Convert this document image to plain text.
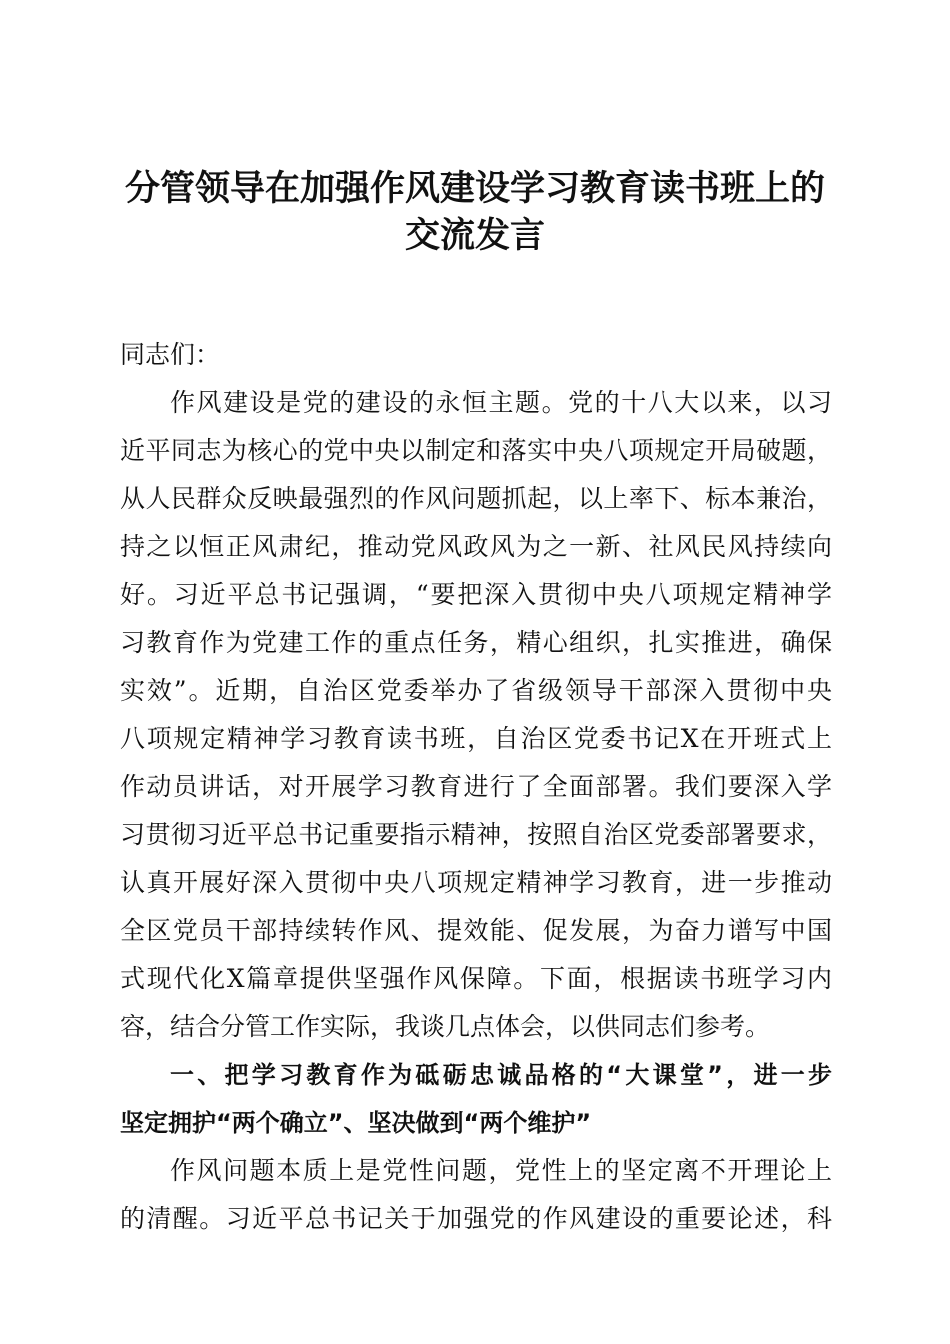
分管领导在加强作风建设学习教育读书班上的
交流发言
同志们：
作风建设是党的建设的永恒主题。党的十八大以来，以习
近平同志为核心的党中央以制定和落实中央八项规定开局破题，
从人民群众反映最强烈的作风问题抓起，以上率下、标本兼治，
持之以恒正风肃纪，推动党风政风为之一新、社风民风持续向
好。习近平总书记强调，“要把深入贯彻中央八项规定精神学
习教育作为党建工作的重点任务，精心组织，扎实推进，确保
实效”。近期，自治区党委举办了省级领导干部深入贯彻中央
八项规定精神学习教育读书班，自治区党委书记X在开班式上
作动员讲话，对开展学习教育进行了全面部署。我们要深入学
习贯彻习近平总书记重要指示精神，按照自治区党委部署要求，
认真开展好深入贯彻中央八项规定精神学习教育，进一步推动
全区党员干部持续转作风、提效能、促发展，为奋力谱写中国
式现代化X篇章提供坚强作风保障。下面，根据读书班学习内
容，结合分管工作实际，我谈几点体会，以供同志们参考。
一、把学习教育作为砥砺忠诚品格的“大课堂”，进一步
坚定拥护“两个确立”、坚决做到“两个维护”
作风问题本质上是党性问题，党性上的坚定离不开理论上
的清醒。习近平总书记关于加强党的作风建设的重要论述，科
